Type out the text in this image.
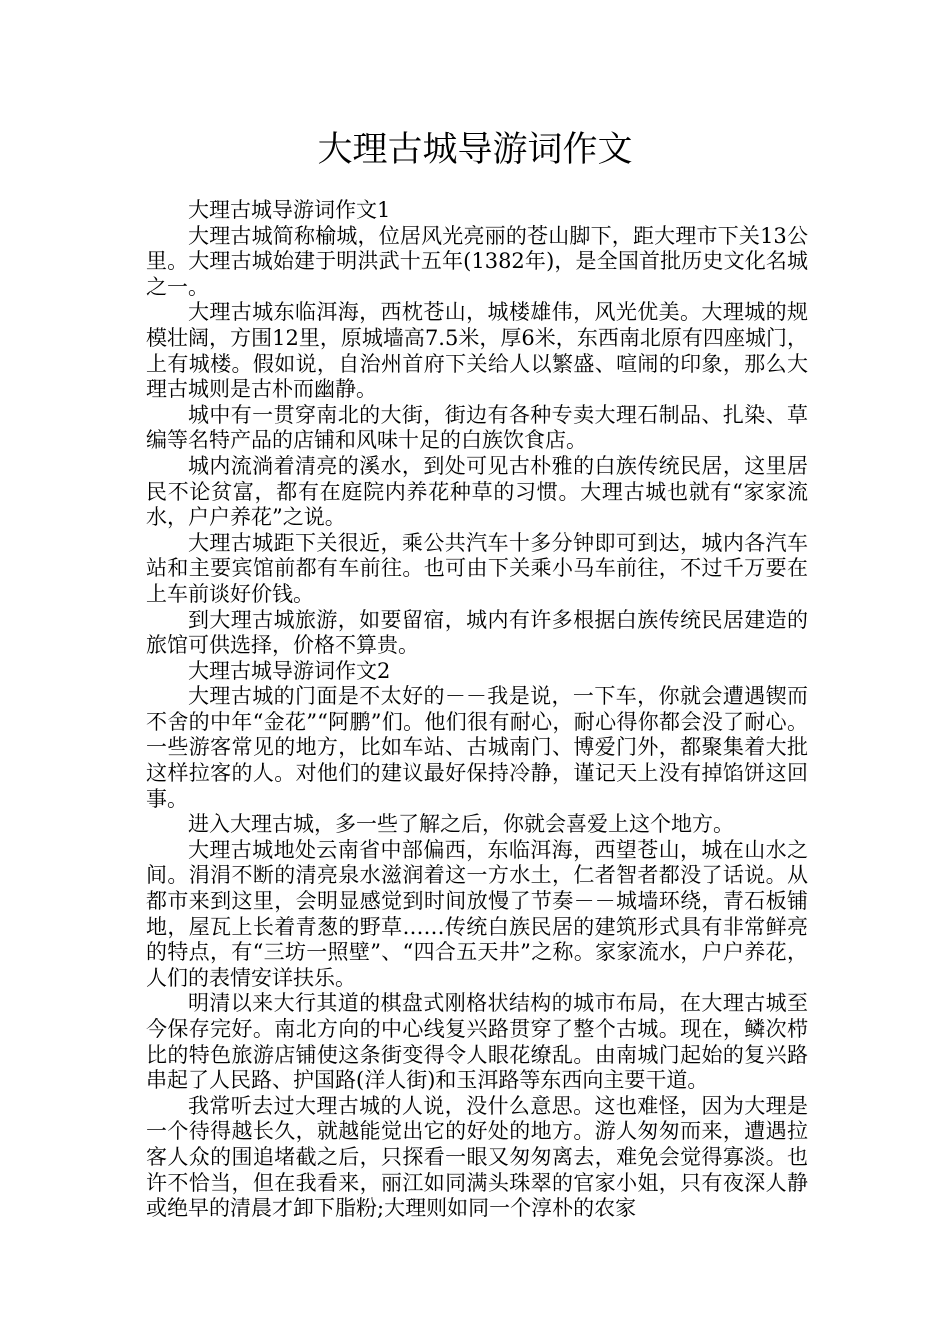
大理古城导游词作文

大理古城导游词作文1

大理古城简称榆城，位居风光亮丽的苍山脚下，距大理市下关13公里。大理古城始建于明洪武十五年(1382年)，是全国首批历史文化名城之一。

大理古城东临洱海，西枕苍山，城楼雄伟，风光优美。大理城的规模壮阔，方围12里，原城墙高7.5米，厚6米，东西南北原有四座城门，上有城楼。假如说，自治州首府下关给人以繁盛、喧闹的印象，那么大理古城则是古朴而幽静。

城中有一贯穿南北的大街，街边有各种专卖大理石制品、扎染、草编等名特产品的店铺和风味十足的白族饮食店。

城内流淌着清亮的溪水，到处可见古朴雅的白族传统民居，这里居民不论贫富，都有在庭院内养花种草的习惯。大理古城也就有“家家流水，户户养花”之说。

大理古城距下关很近，乘公共汽车十多分钟即可到达，城内各汽车站和主要宾馆前都有车前往。也可由下关乘小马车前往，不过千万要在上车前谈好价钱。

到大理古城旅游，如要留宿，城内有许多根据白族传统民居建造的旅馆可供选择，价格不算贵。

大理古城导游词作文2

大理古城的门面是不太好的－－我是说，一下车，你就会遭遇锲而不舍的中年“金花”“阿鹏”们。他们很有耐心，耐心得你都会没了耐心。一些游客常见的地方，比如车站、古城南门、博爱门外，都聚集着大批这样拉客的人。对他们的建议最好保持冷静，谨记天上没有掉馅饼这回事。

进入大理古城，多一些了解之后，你就会喜爱上这个地方。

大理古城地处云南省中部偏西，东临洱海，西望苍山，城在山水之间。涓涓不断的清亮泉水滋润着这一方水土，仁者智者都没了话说。从都市来到这里，会明显感觉到时间放慢了节奏－－城墙环绕，青石板铺地，屋瓦上长着青葱的野草……传统白族民居的建筑形式具有非常鲜亮的特点，有“三坊一照壁”、“四合五天井”之称。家家流水，户户养花，人们的表情安详扶乐。

明清以来大行其道的棋盘式刚格状结构的城市布局，在大理古城至今保存完好。南北方向的中心线复兴路贯穿了整个古城。现在，鳞次栉比的特色旅游店铺使这条街变得令人眼花缭乱。由南城门起始的复兴路串起了人民路、护国路(洋人街)和玉洱路等东西向主要干道。

我常听去过大理古城的人说，没什么意思。这也难怪，因为大理是一个待得越长久，就越能觉出它的好处的地方。游人匆匆而来，遭遇拉客人众的围追堵截之后，只探看一眼又匆匆离去，难免会觉得寡淡。也许不恰当，但在我看来，丽江如同满头珠翠的官家小姐，只有夜深人静或绝早的清晨才卸下脂粉;大理则如同一个淳朴的农家
